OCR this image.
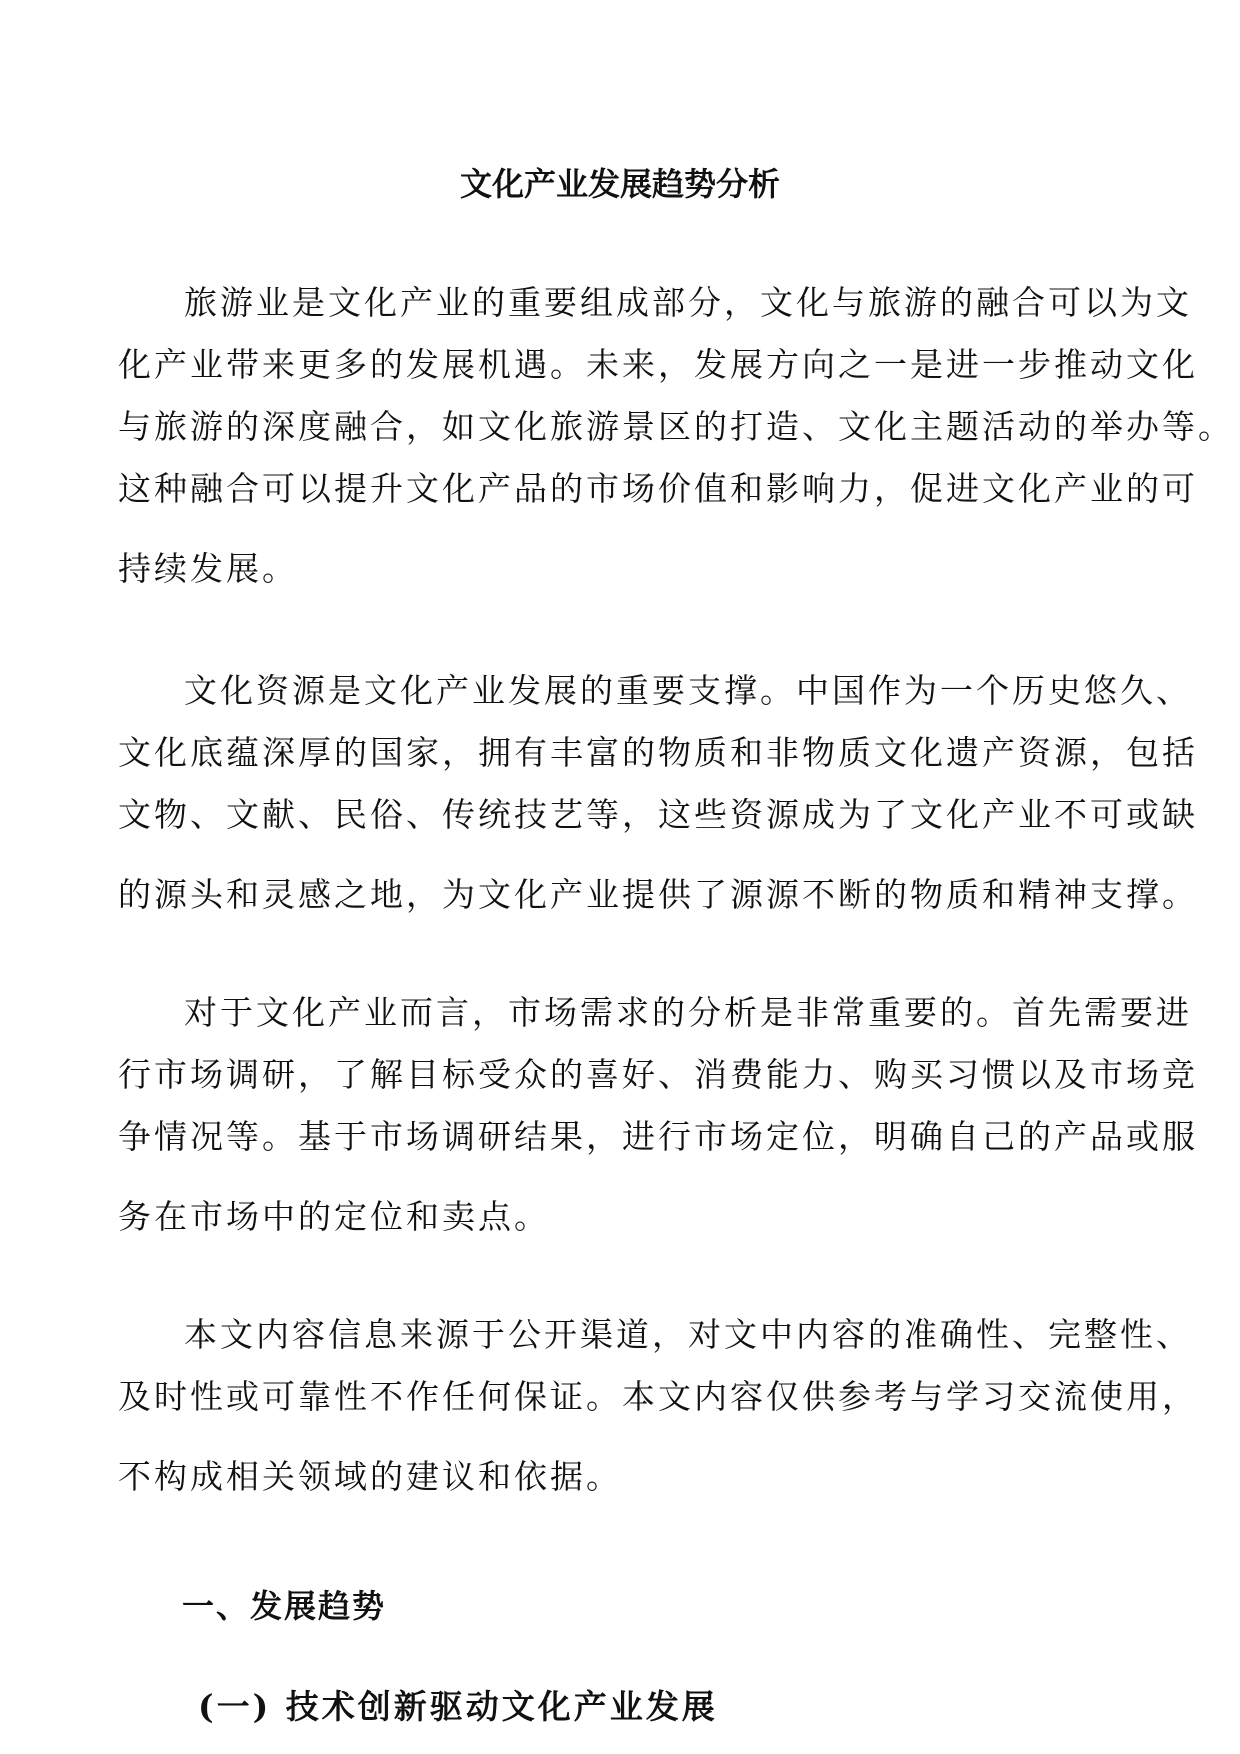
文化产业发展趋势分析

旅游业是文化产业的重要组成部分，文化与旅游的融合可以为文
化产业带来更多的发展机遇。未来，发展方向之一是进一步推动文化
与旅游的深度融合，如文化旅游景区的打造、文化主题活动的举办等。
这种融合可以提升文化产品的市场价值和影响力，促进文化产业的可
持续发展。

文化资源是文化产业发展的重要支撑。中国作为一个历史悠久、
文化底蕴深厚的国家，拥有丰富的物质和非物质文化遗产资源，包括
文物、文献、民俗、传统技艺等，这些资源成为了文化产业不可或缺
的源头和灵感之地，为文化产业提供了源源不断的物质和精神支撑。

对于文化产业而言，市场需求的分析是非常重要的。首先需要进
行市场调研，了解目标受众的喜好、消费能力、购买习惯以及市场竞
争情况等。基于市场调研结果，进行市场定位，明确自己的产品或服
务在市场中的定位和卖点。

本文内容信息来源于公开渠道，对文中内容的准确性、完整性、
及时性或可靠性不作任何保证。本文内容仅供参考与学习交流使用，
不构成相关领域的建议和依据。

一、发展趋势
(一) 技术创新驱动文化产业发展
